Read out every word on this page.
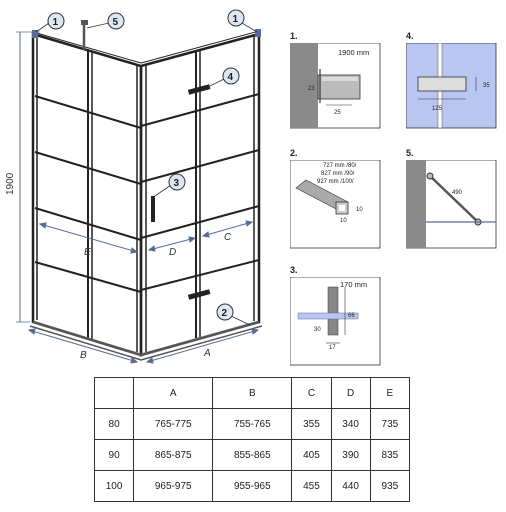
1900
E	D
C
B	A
1	5	1
4
3
2
1.
1900 mm
23
25
4.
125
35
2.
727 mm /80/
827 mm /90/
927 mm /100/
10
10
5.
490
3.
170 mm
66
30
17
	A	B	C	D	E
80	765-775	755-765	355	340	735
90	865-875	855-865	405	390	835
100	965-975	955-965	455	440	935
